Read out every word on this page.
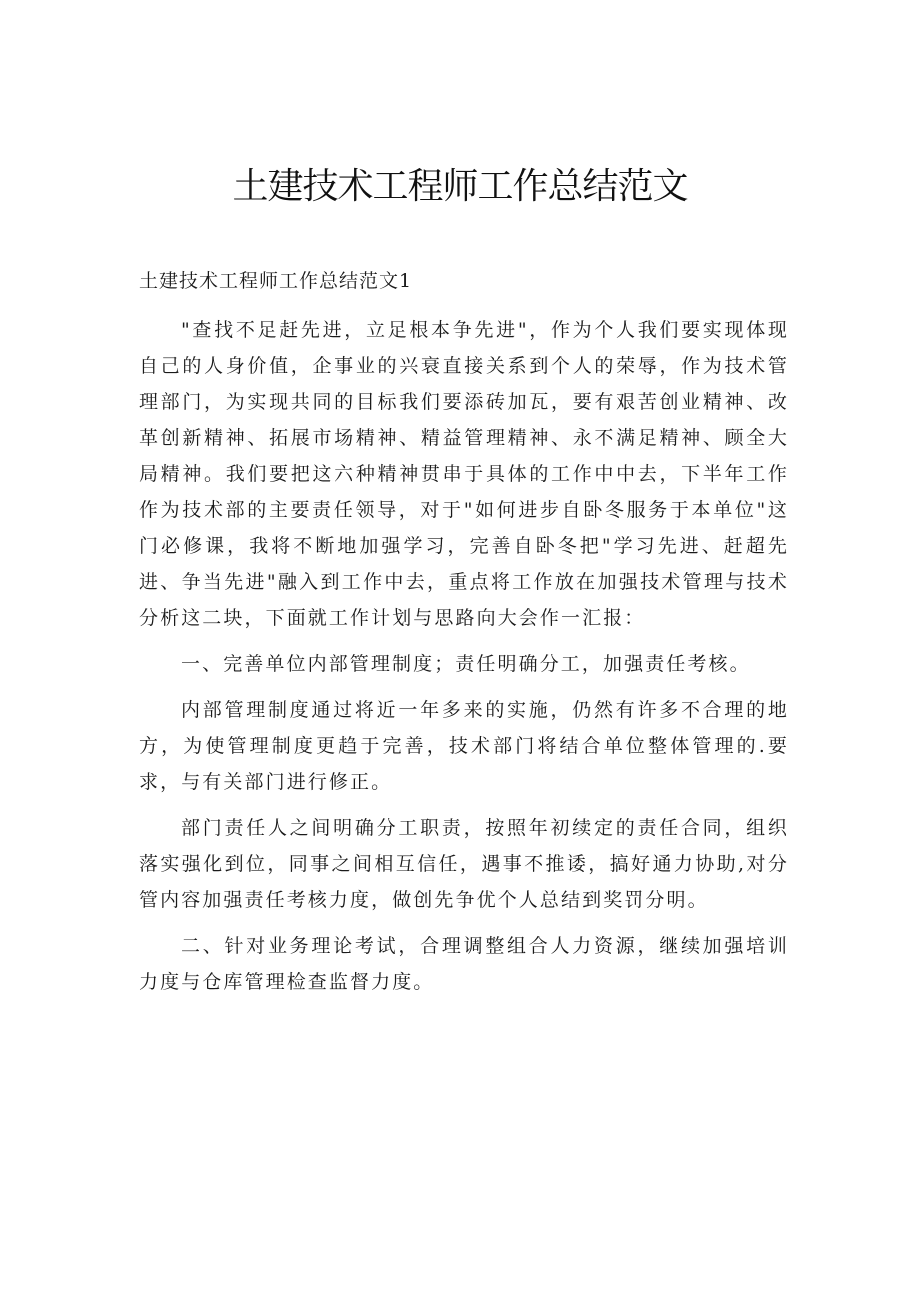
土建技术工程师工作总结范文

土建技术工程师工作总结范文1

"查找不足赶先进，立足根本争先进"，作为个人我们要实现体现自己的人身价值，企事业的兴衰直接关系到个人的荣辱，作为技术管理部门，为实现共同的目标我们要添砖加瓦，要有艰苦创业精神、改革创新精神、拓展市场精神、精益管理精神、永不满足精神、顾全大局精神。我们要把这六种精神贯串于具体的工作中中去，下半年工作作为技术部的主要责任领导，对于"如何进步自卧冬服务于本单位"这门必修课，我将不断地加强学习，完善自卧冬把"学习先进、赶超先进、争当先进"融入到工作中去，重点将工作放在加强技术管理与技术分析这二块，下面就工作计划与思路向大会作一汇报：

一、完善单位内部管理制度；责任明确分工，加强责任考核。

内部管理制度通过将近一年多来的实施，仍然有许多不合理的地方，为使管理制度更趋于完善，技术部门将结合单位整体管理的.要求，与有关部门进行修正。

部门责任人之间明确分工职责，按照年初续定的责任合同，组织落实强化到位，同事之间相互信任，遇事不推诿，搞好通力协助,对分管内容加强责任考核力度，做创先争优个人总结到奖罚分明。

二、针对业务理论考试，合理调整组合人力资源，继续加强培训力度与仓库管理检查监督力度。
